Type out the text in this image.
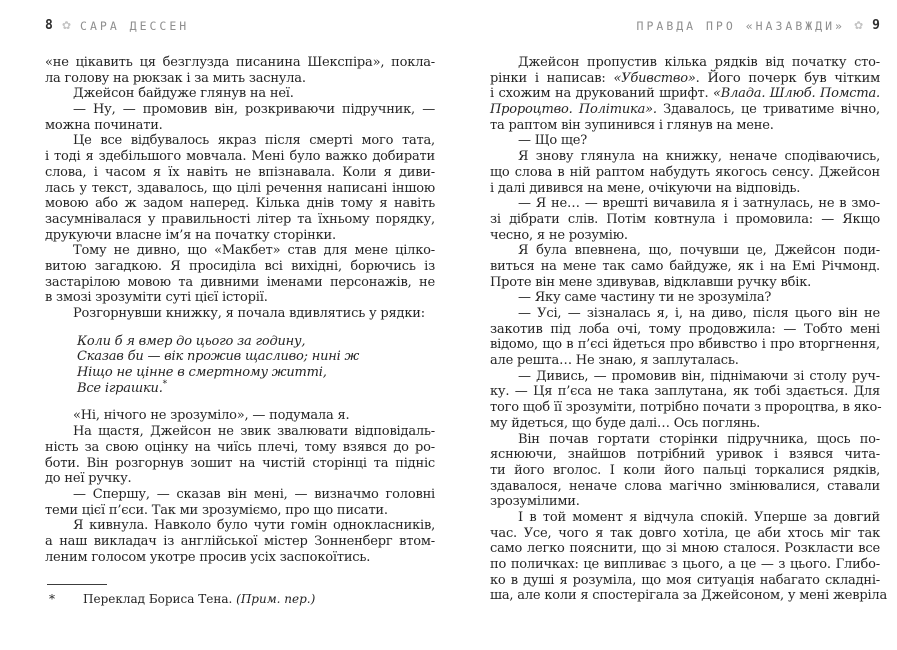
8 ✿ САРА ДЕССЕН
«не цікавить ця безглузда писанина Шекспіра», покла-
ла голову на рюкзак і за мить заснула.
Джейсон байдуже глянув на неї.
— Ну, — промовив він, розкриваючи підручник, —
можна починати.
Це все відбувалось якраз після смерті мого тата,
і тоді я здебільшого мовчала. Мені було важко добирати
слова, і часом я їх навіть не впізнавала. Коли я диви-
лась у текст, здавалось, що цілі речення написані іншою
мовою або ж задом наперед. Кілька днів тому я навіть
засумнівалася у правильності літер та їхньому порядку,
друкуючи власне ім’я на початку сторінки.
Тому не дивно, що «Макбет» став для мене цілко-
витою загадкою. Я просиділа всі вихідні, борючись із
застарілою мовою та дивними іменами персонажів, не
в змозі зрозуміти суті цієї історії.
Розгорнувши книжку, я почала вдивлятись у рядки:
Коли б я вмер до цього за годину,
Сказав би — вік прожив щасливо; нині ж
Ніщо не цінне в смертному житті,
Все іграшки.*
«Ні, нічого не зрозуміло», — подумала я.
На щастя, Джейсон не звик звалювати відповідаль-
ність за свою оцінку на чиїсь плечі, тому взявся до ро-
боти. Він розгорнув зошит на чистій сторінці та підніс
до неї ручку.
— Спершу, — сказав він мені, — визначмо головні
теми цієї п’єси. Так ми зрозуміємо, про що писати.
Я кивнула. Навколо було чути гомін однокласників,
а наш викладач із англійської містер Зонненберг втом-
леним голосом укотре просив усіх заспокоїтись.
* Переклад Бориса Тена. (Прим. пер.)
ПРАВДА ПРО «НАЗАВЖДИ» ✿ 9
Джейсон пропустив кілька рядків від початку сто-
рінки і написав: «Убивство». Його почерк був чітким
і схожим на друкований шрифт. «Влада. Шлюб. Помста.
Пророцтво. Політика». Здавалось, це триватиме вічно,
та раптом він зупинився і глянув на мене.
— Що ще?
Я знову глянула на книжку, неначе сподіваючись,
що слова в ній раптом набудуть якогось сенсу. Джейсон
і далі дивився на мене, очікуючи на відповідь.
— Я не… — врешті вичавила я і затнулась, не в змо-
зі дібрати слів. Потім ковтнула і промовила: — Якщо
чесно, я не розумію.
Я була впевнена, що, почувши це, Джейсон поди-
виться на мене так само байдуже, як і на Емі Річмонд.
Проте він мене здивував, відклавши ручку вбік.
— Яку саме частину ти не зрозуміла?
— Усі, — зізналась я, і, на диво, після цього він не
закотив під лоба очі, тому продовжила: — Тобто мені
відомо, що в п’єсі йдеться про вбивство і про вторгнення,
але решта… Не знаю, я заплуталась.
— Дивись, — промовив він, піднімаючи зі столу руч-
ку. — Ця п’єса не така заплутана, як тобі здається. Для
того щоб її зрозуміти, потрібно почати з пророцтва, в яко-
му йдеться, що буде далі… Ось поглянь.
Він почав гортати сторінки підручника, щось по-
яснюючи, знайшов потрібний уривок і взявся чита-
ти його вголос. І коли його пальці торкалися рядків,
здавалося, неначе слова магічно змінювалися, ставали
зрозумілими.
І в той момент я відчула спокій. Уперше за довгий
час. Усе, чого я так довго хотіла, це аби хтось міг так
само легко пояснити, що зі мною сталося. Розкласти все
по поличках: це випливає з цього, а це — з цього. Глибо-
ко в душі я розуміла, що моя ситуація набагато складні-
ша, але коли я спостерігала за Джейсоном, у мені жевріла
